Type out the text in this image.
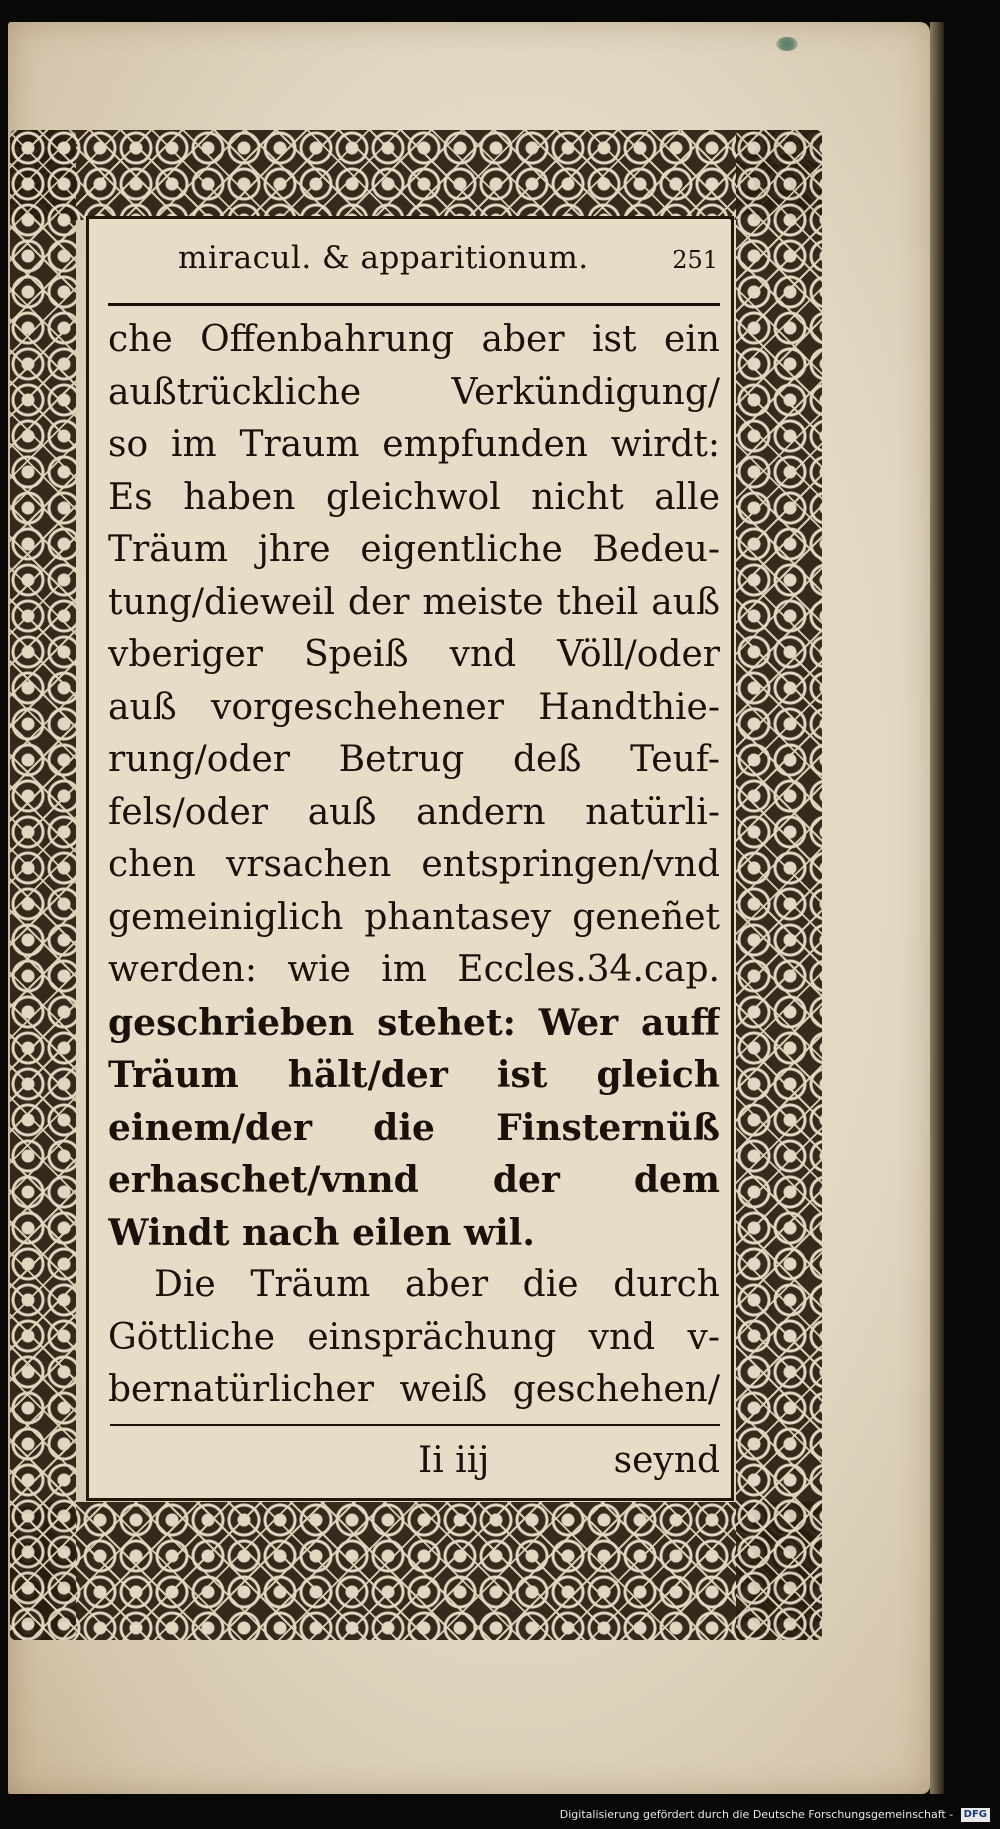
miracul. & apparitionum.	251
che Offenbahrung aber ist ein
außtrückliche Verkündigung/
so im Traum empfunden wirdt:
Es haben gleichwol nicht alle
Träum jhre eigentliche Bedeu-
tung/dieweil der meiste theil auß
vberiger Speiß vnd Völl/oder
auß vorgeschehener Handthie-
rung/oder Betrug deß Teuf-
fels/oder auß andern natürli-
chen vrsachen entspringen/vnd
gemeiniglich phantasey geneñet
werden: wie im Eccles.34.cap.
geschrieben stehet: Wer auff
Träum hält/der ist gleich
einem/der die Finsternüß
erhaschet/vnnd der dem
Windt nach eilen wil.
Die Träum aber die durch
Göttliche einsprächung vnd v-
bernatürlicher weiß geschehen/
Ii iij	seynd
Digitalisierung gefördert durch die Deutsche Forschungsgemeinschaft - DFG
